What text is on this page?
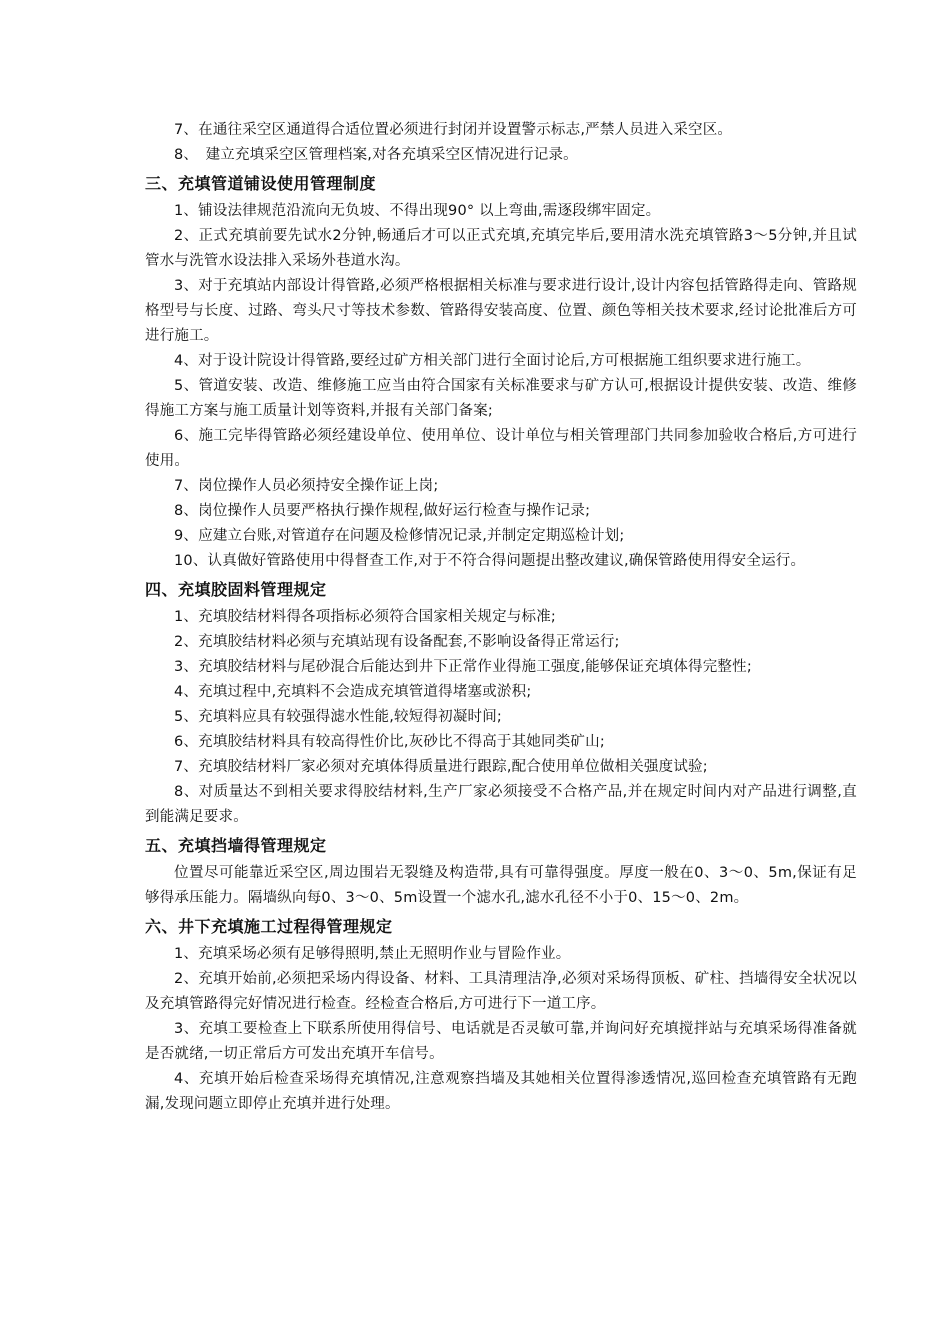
7、在通往采空区通道得合适位置必须进行封闭并设置警示标志,严禁人员进入采空区。

8、　建立充填采空区管理档案,对各充填采空区情况进行记录。

三、充填管道铺设使用管理制度

1、铺设法律规范沿流向无负坡、不得出现90° 以上弯曲,需逐段绑牢固定。

2、正式充填前要先试水2分钟,畅通后才可以正式充填,充填完毕后,要用清水洗充填管路3～5分钟,并且试管水与洗管水设法排入采场外巷道水沟。

3、对于充填站内部设计得管路,必须严格根据相关标准与要求进行设计,设计内容包括管路得走向、管路规格型号与长度、过路、弯头尺寸等技术参数、管路得安装高度、位置、颜色等相关技术要求,经讨论批准后方可进行施工。

4、对于设计院设计得管路,要经过矿方相关部门进行全面讨论后,方可根据施工组织要求进行施工。

5、管道安装、改造、维修施工应当由符合国家有关标准要求与矿方认可,根据设计提供安装、改造、维修得施工方案与施工质量计划等资料,并报有关部门备案;

6、施工完毕得管路必须经建设单位、使用单位、设计单位与相关管理部门共同参加验收合格后,方可进行使用。

7、岗位操作人员必须持安全操作证上岗;

8、岗位操作人员要严格执行操作规程,做好运行检查与操作记录;

9、应建立台账,对管道存在问题及检修情况记录,并制定定期巡检计划;

10、认真做好管路使用中得督查工作,对于不符合得问题提出整改建议,确保管路使用得安全运行。

四、充填胶固料管理规定

1、充填胶结材料得各项指标必须符合国家相关规定与标准;

2、充填胶结材料必须与充填站现有设备配套,不影响设备得正常运行;

3、充填胶结材料与尾砂混合后能达到井下正常作业得施工强度,能够保证充填体得完整性;

4、充填过程中,充填料不会造成充填管道得堵塞或淤积;

5、充填料应具有较强得滤水性能,较短得初凝时间;

6、充填胶结材料具有较高得性价比,灰砂比不得高于其她同类矿山;

7、充填胶结材料厂家必须对充填体得质量进行跟踪,配合使用单位做相关强度试验;

8、对质量达不到相关要求得胶结材料,生产厂家必须接受不合格产品,并在规定时间内对产品进行调整,直到能满足要求。

五、充填挡墙得管理规定

位置尽可能靠近采空区,周边围岩无裂缝及构造带,具有可靠得强度。厚度一般在0、3～0、5m,保证有足够得承压能力。隔墙纵向每0、3～0、5m设置一个滤水孔,滤水孔径不小于0、15～0、2m。

六、井下充填施工过程得管理规定

1、充填采场必须有足够得照明,禁止无照明作业与冒险作业。

2、充填开始前,必须把采场内得设备、材料、工具清理洁净,必须对采场得顶板、矿柱、挡墙得安全状况以及充填管路得完好情况进行检查。经检查合格后,方可进行下一道工序。

3、充填工要检查上下联系所使用得信号、电话就是否灵敏可靠,并询问好充填搅拌站与充填采场得准备就是否就绪,一切正常后方可发出充填开车信号。

4、充填开始后检查采场得充填情况,注意观察挡墙及其她相关位置得渗透情况,巡回检查充填管路有无跑漏,发现问题立即停止充填并进行处理。
